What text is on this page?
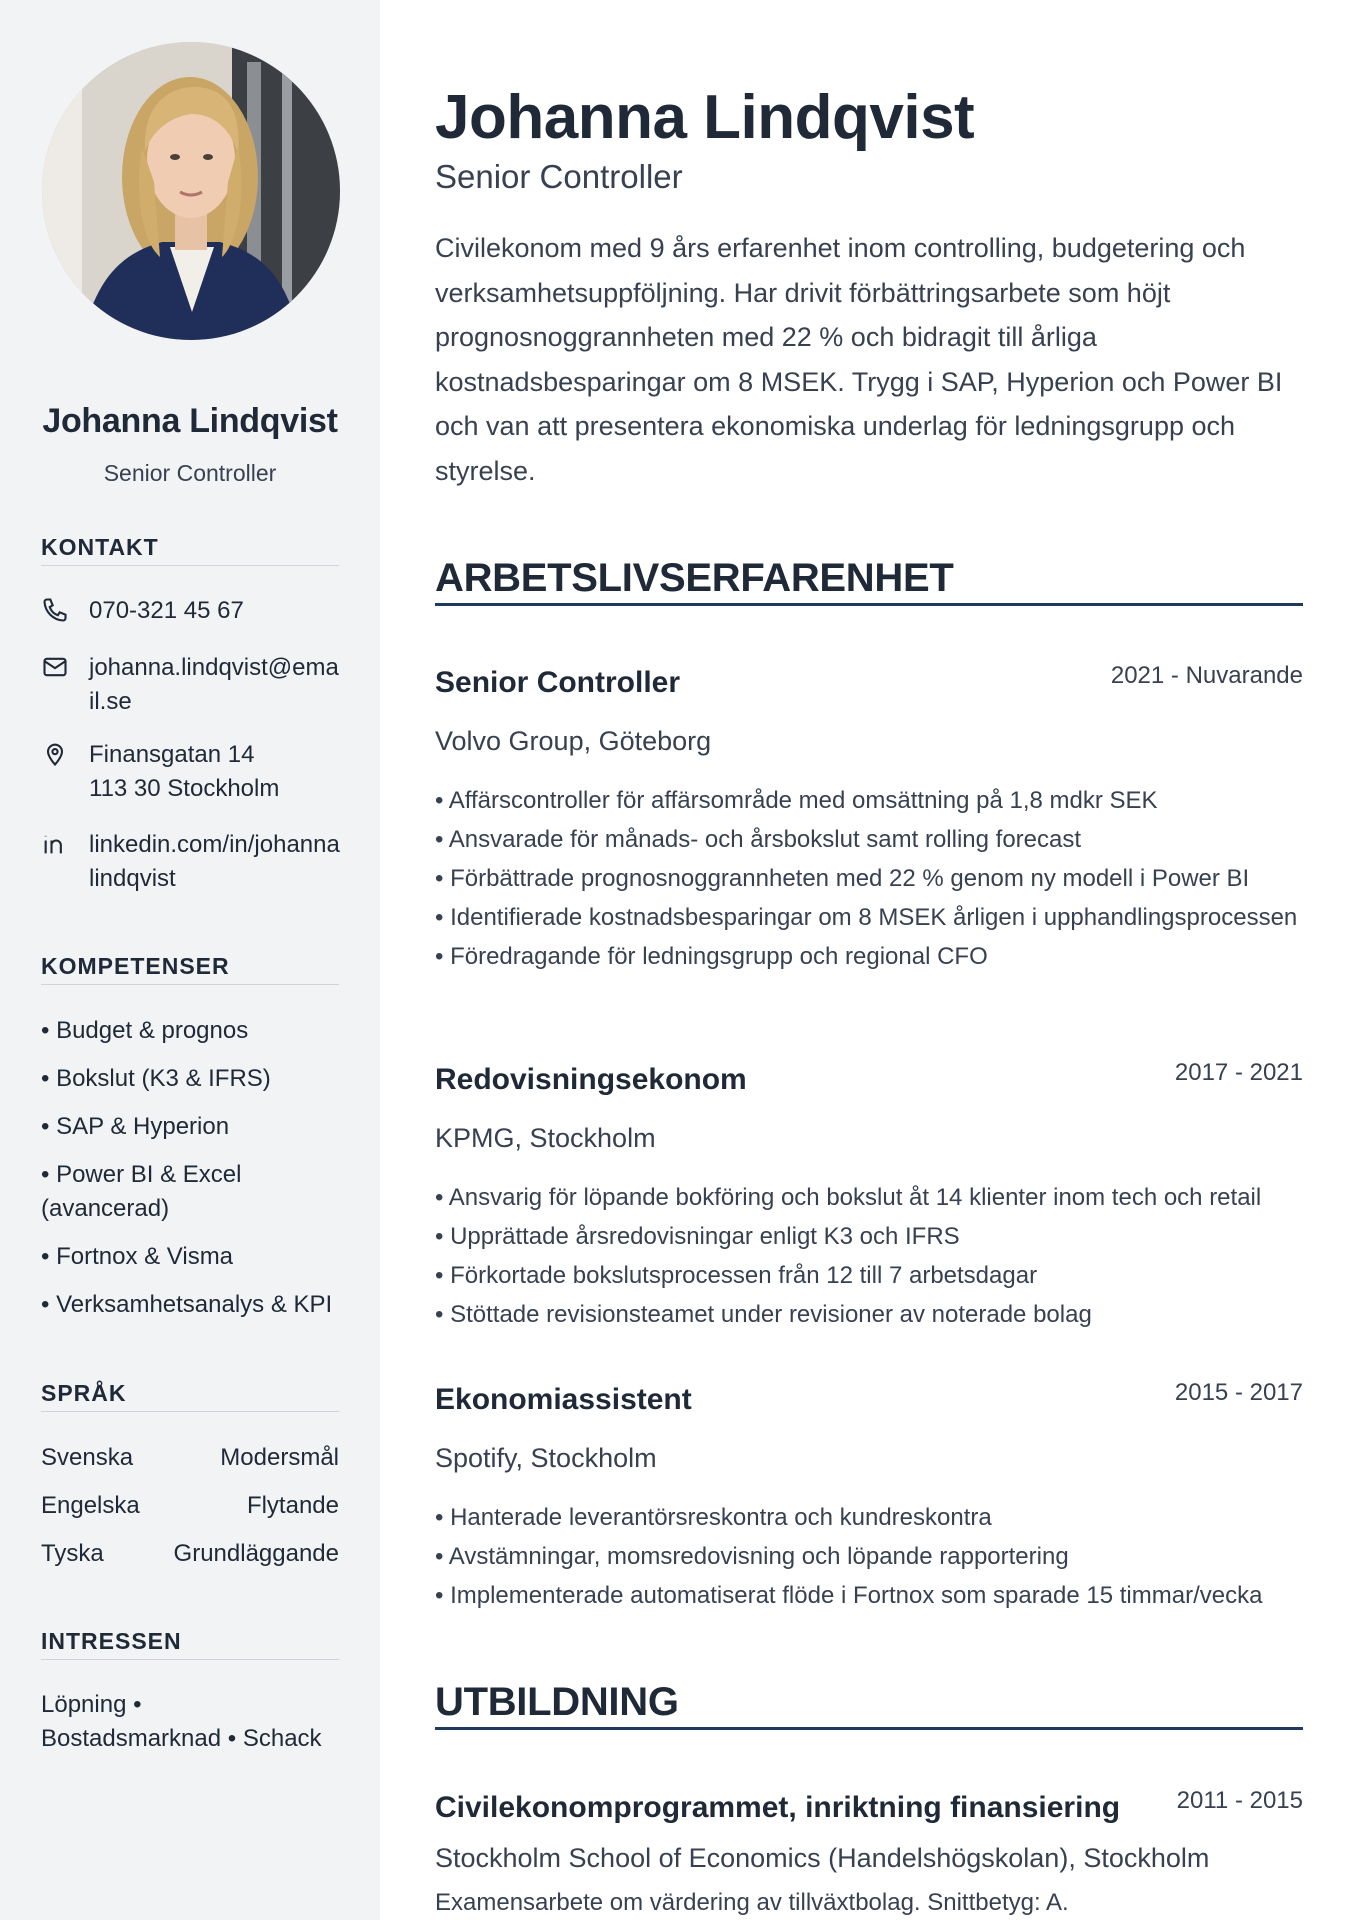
Johanna Lindqvist
Senior Controller
KONTAKT
070-321 45 67
johanna.lindqvist@email.se
Finansgatan 14
113 30 Stockholm
linkedin.com/in/johannalindqvist
KOMPETENSER
• Budget & prognos
• Bokslut (K3 & IFRS)
• SAP & Hyperion
• Power BI & Excel (avancerad)
• Fortnox & Visma
• Verksamhetsanalys & KPI
SPRÅK
Svenska	Modersmål
Engelska	Flytande
Tyska	Grundläggande
INTRESSEN
Löpning •
Bostadsmarknad • Schack
Johanna Lindqvist
Senior Controller

Civilekonom med 9 års erfarenhet inom controlling, budgetering och verksamhetsuppföljning. Har drivit förbättringsarbete som höjt prognosnoggrannheten med 22 % och bidragit till årliga kostnadsbesparingar om 8 MSEK. Trygg i SAP, Hyperion och Power BI och van att presentera ekonomiska underlag för ledningsgrupp och styrelse.

ARBETSLIVSERFARENHET
Senior Controller	2021 - Nuvarande
Volvo Group, Göteborg
• Affärscontroller för affärsområde med omsättning på 1,8 mdkr SEK
• Ansvarade för månads- och årsbokslut samt rolling forecast
• Förbättrade prognosnoggrannheten med 22 % genom ny modell i Power BI
• Identifierade kostnadsbesparingar om 8 MSEK årligen i upphandlingsprocessen
• Föredragande för ledningsgrupp och regional CFO
Redovisningsekonom	2017 - 2021
KPMG, Stockholm
• Ansvarig för löpande bokföring och bokslut åt 14 klienter inom tech och retail
• Upprättade årsredovisningar enligt K3 och IFRS
• Förkortade bokslutsprocessen från 12 till 7 arbetsdagar
• Stöttade revisionsteamet under revisioner av noterade bolag
Ekonomiassistent	2015 - 2017
Spotify, Stockholm
• Hanterade leverantörsreskontra och kundreskontra
• Avstämningar, momsredovisning och löpande rapportering
• Implementerade automatiserat flöde i Fortnox som sparade 15 timmar/vecka
UTBILDNING
Civilekonomprogrammet, inriktning finansiering 2011 - 2015
Stockholm School of Economics (Handelshögskolan), Stockholm
Examensarbete om värdering av tillväxtbolag. Snittbetyg: A.
